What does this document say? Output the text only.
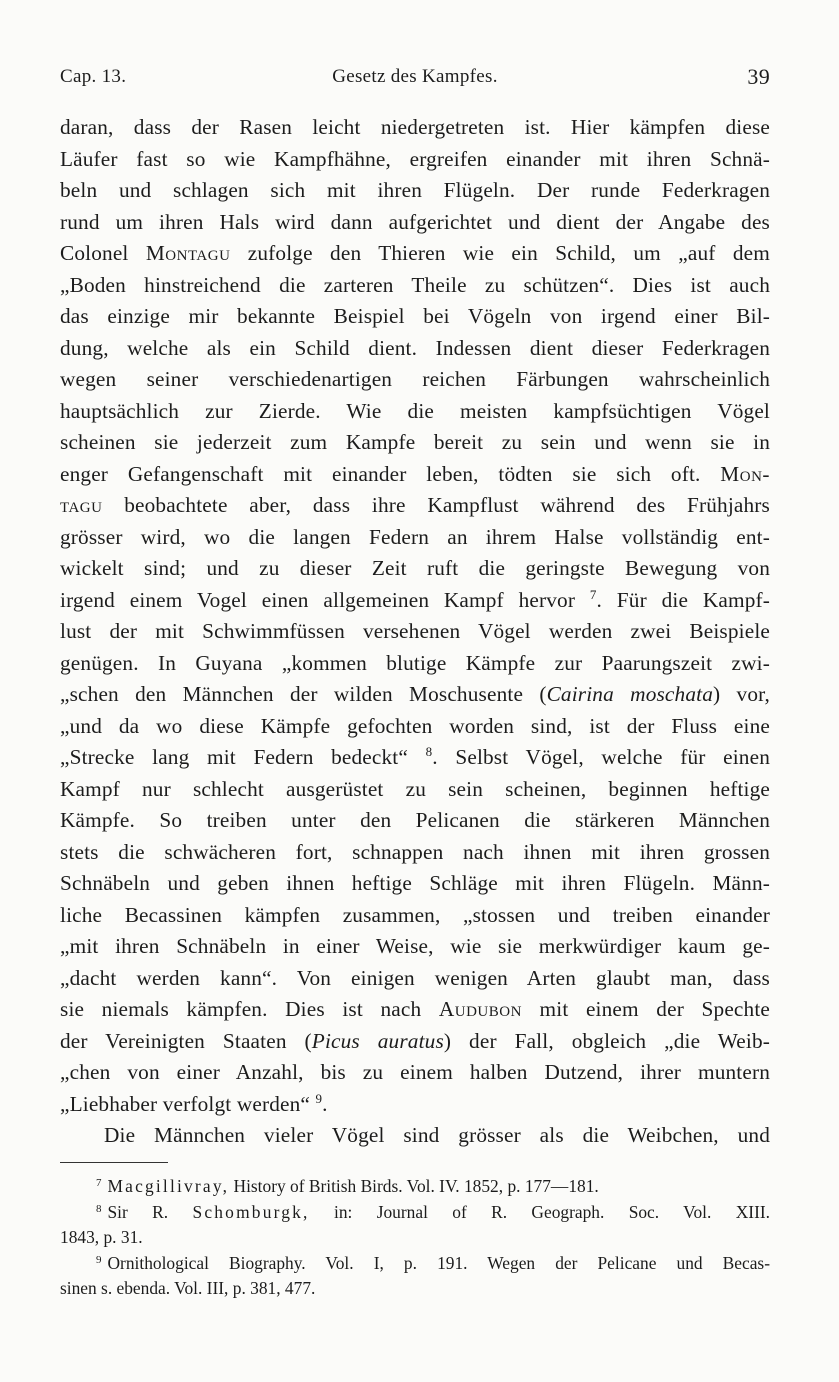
Cap. 13.	Gesetz des Kampfes.	39
daran, dass der Rasen leicht niedergetreten ist. Hier kämpfen diese
Läufer fast so wie Kampfhähne, ergreifen einander mit ihren Schnä-
beln und schlagen sich mit ihren Flügeln. Der runde Federkragen
rund um ihren Hals wird dann aufgerichtet und dient der Angabe des
Colonel Montagu zufolge den Thieren wie ein Schild, um „auf dem
„Boden hinstreichend die zarteren Theile zu schützen“. Dies ist auch
das einzige mir bekannte Beispiel bei Vögeln von irgend einer Bil-
dung, welche als ein Schild dient. Indessen dient dieser Federkragen
wegen seiner verschiedenartigen reichen Färbungen wahrscheinlich
hauptsächlich zur Zierde. Wie die meisten kampfsüchtigen Vögel
scheinen sie jederzeit zum Kampfe bereit zu sein und wenn sie in
enger Gefangenschaft mit einander leben, tödten sie sich oft. Mon-
tagu beobachtete aber, dass ihre Kampflust während des Frühjahrs
grösser wird, wo die langen Federn an ihrem Halse vollständig ent-
wickelt sind; und zu dieser Zeit ruft die geringste Bewegung von
irgend einem Vogel einen allgemeinen Kampf hervor $^7$. Für die Kampf-
lust der mit Schwimmfüssen versehenen Vögel werden zwei Beispiele
genügen. In Guyana „kommen blutige Kämpfe zur Paarungszeit zwi-
„schen den Männchen der wilden Moschusente (Cairina moschata) vor,
„und da wo diese Kämpfe gefochten worden sind, ist der Fluss eine
„Strecke lang mit Federn bedeckt“ $^8$. Selbst Vögel, welche für einen
Kampf nur schlecht ausgerüstet zu sein scheinen, beginnen heftige
Kämpfe. So treiben unter den Pelicanen die stärkeren Männchen
stets die schwächeren fort, schnappen nach ihnen mit ihren grossen
Schnäbeln und geben ihnen heftige Schläge mit ihren Flügeln. Männ-
liche Becassinen kämpfen zusammen, „stossen und treiben einander
„mit ihren Schnäbeln in einer Weise, wie sie merkwürdiger kaum ge-
„dacht werden kann“. Von einigen wenigen Arten glaubt man, dass
sie niemals kämpfen. Dies ist nach Audubon mit einem der Spechte
der Vereinigten Staaten (Picus auratus) der Fall, obgleich „die Weib-
„chen von einer Anzahl, bis zu einem halben Dutzend, ihrer muntern
„Liebhaber verfolgt werden“ $^9$.
Die Männchen vieler Vögel sind grösser als die Weibchen, und
$^7$ Macgillivray, History of British Birds. Vol. IV. 1852, p. 177—181.
$^8$ Sir R. Schomburgk, in: Journal of R. Geograph. Soc. Vol. XIII.
1843, p. 31.
$^9$ Ornithological Biography. Vol. I, p. 191. Wegen der Pelicane und Becas-
sinen s. ebenda. Vol. III, p. 381, 477.
